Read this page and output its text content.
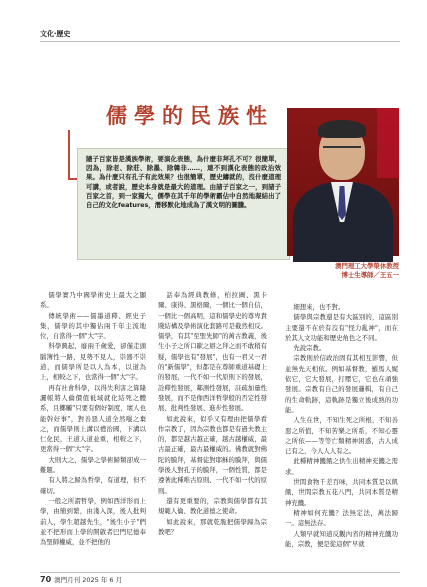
文化‧歷史
儒學的民族性
隨子百家皆是漢族學術，要演化表態，為什麼非拜孔不可？很簡單，因為，除老、除莊、除墨、除韓非……，連不到漢化表態的政治效果。為什麼只有孔子有此效果？也很簡單，歷史鑄就的，沒什麼道理可講，或者說，歷史本身就是最大的道理。由諸子百家之一，到諸子百家之首，到一家獨大，儒學在其千年的學術霸佔中自然地凝結出了自己的文化features，潛移默化地成為了漢文明的圖騰。
澳門理工大學榮休教授
博士生導師／王五一

儒學實乃中國學術史上最大之顯系。

傳統學術——儒墨道釋、經史子集，儒學的其中獨佔兩千年主流地位，自當得一個"大"字。

科學興起，廢兩千歲愛，卻僅走頭腦簿性一路，見勢不見人，崇器不崇道，而儒學所是以人為本，以道為上，相較之下，也當得一個"大"字。

再有社會科學，以得失利害之算隆灑帳將人倫價值祗域就化結死之體系，且擲觸"只要有個好制度，壞人也能幹好事"，對善惡人道全然嗤之棄之，而儒學則上溝以禮治國，下溝以仁化民，王道人道並重，相較之下，更當得一個"大"字。

大則大之，儒學之學術歸類卻成一難題。

有人將之歸為哲學，有道理，但不確切。

一般之所謂哲學，例如西洋形而上學，由簡到繁，由淺入深，後人批判前人，學生超越先生，"後生小子"們並不把形而上學的開啟者巴門尼德奉為聖師權威，並不把他的

話奉為經典教條，柏拉圖、黑卡爾、康得、黑格爾，一個比一個自信，一個比一個高明，這和儒學史的尊卑貴賤結構及學術演化套路可是截然相反。儒學，有其"至聖先師"的萬古教義，後生小子之所口歐之辯之拜之而不敢稍有疑，儒學也有"發展"，也有一君又一君的"新儒學"，但都是在尊師重道基礎上的發展，一代不如一代原則下的發展，詮釋性發展，鄰測性發展，註疏加量性發展，而不是像西洋哲學般的否定性發展、批判性發展、進步性發展。

如此說來，似乎又有理由把儒學看作宗教了，因為宗教也都是有過夫教主的，都是越古越正確，越古越權威，最古最正確，最古最權威的。佛教就對佛陀的膜拜，基督徒對耶穌的膜拜，與儒學後人對孔子的膜拜，一個性質，都是遵著此種唯古原則、一代不如一代的原則。

還有更重要的，宗教與儒學都有其規範人倫、教化道德之使命。

如此說來，那就乾脆把儒學歸為宗教吧？

細想來，也不對。

儒學與宗教還是有大區別的，這區別主要還不在於有沒有"怪力亂神"，而在於其人文功能和歷史角色之不同。

先說宗教。

宗教則於信政治固有其相互影響，但並無先天相依。例如基督教，羅馬人娓依它，它大發展，打壓它，它也在頑強發展。宗教有自己的發展邏輯，有自己的生命軌跡，這軌跡是獨立後成熟的功能。

人生在世，不知生死之所根，不知善惡之所值，不知苦樂之所系，不知心靈之所依——等等亡類精神困惑，古人成已有之，今人人人有之。

此種精神饑餓之供生出精神充饑之需求。

世間食物千差百味，共同本質是以飢餓，世間宗教五花八門，共同本質是精神充饑。

精神如何充饑？法無定法，萬法歸一。這無法存。

人類早就知道反觀內省的精神充饑功能，宗教，便是從這個"早就

70 澳門月刊 2025 年 6 月
